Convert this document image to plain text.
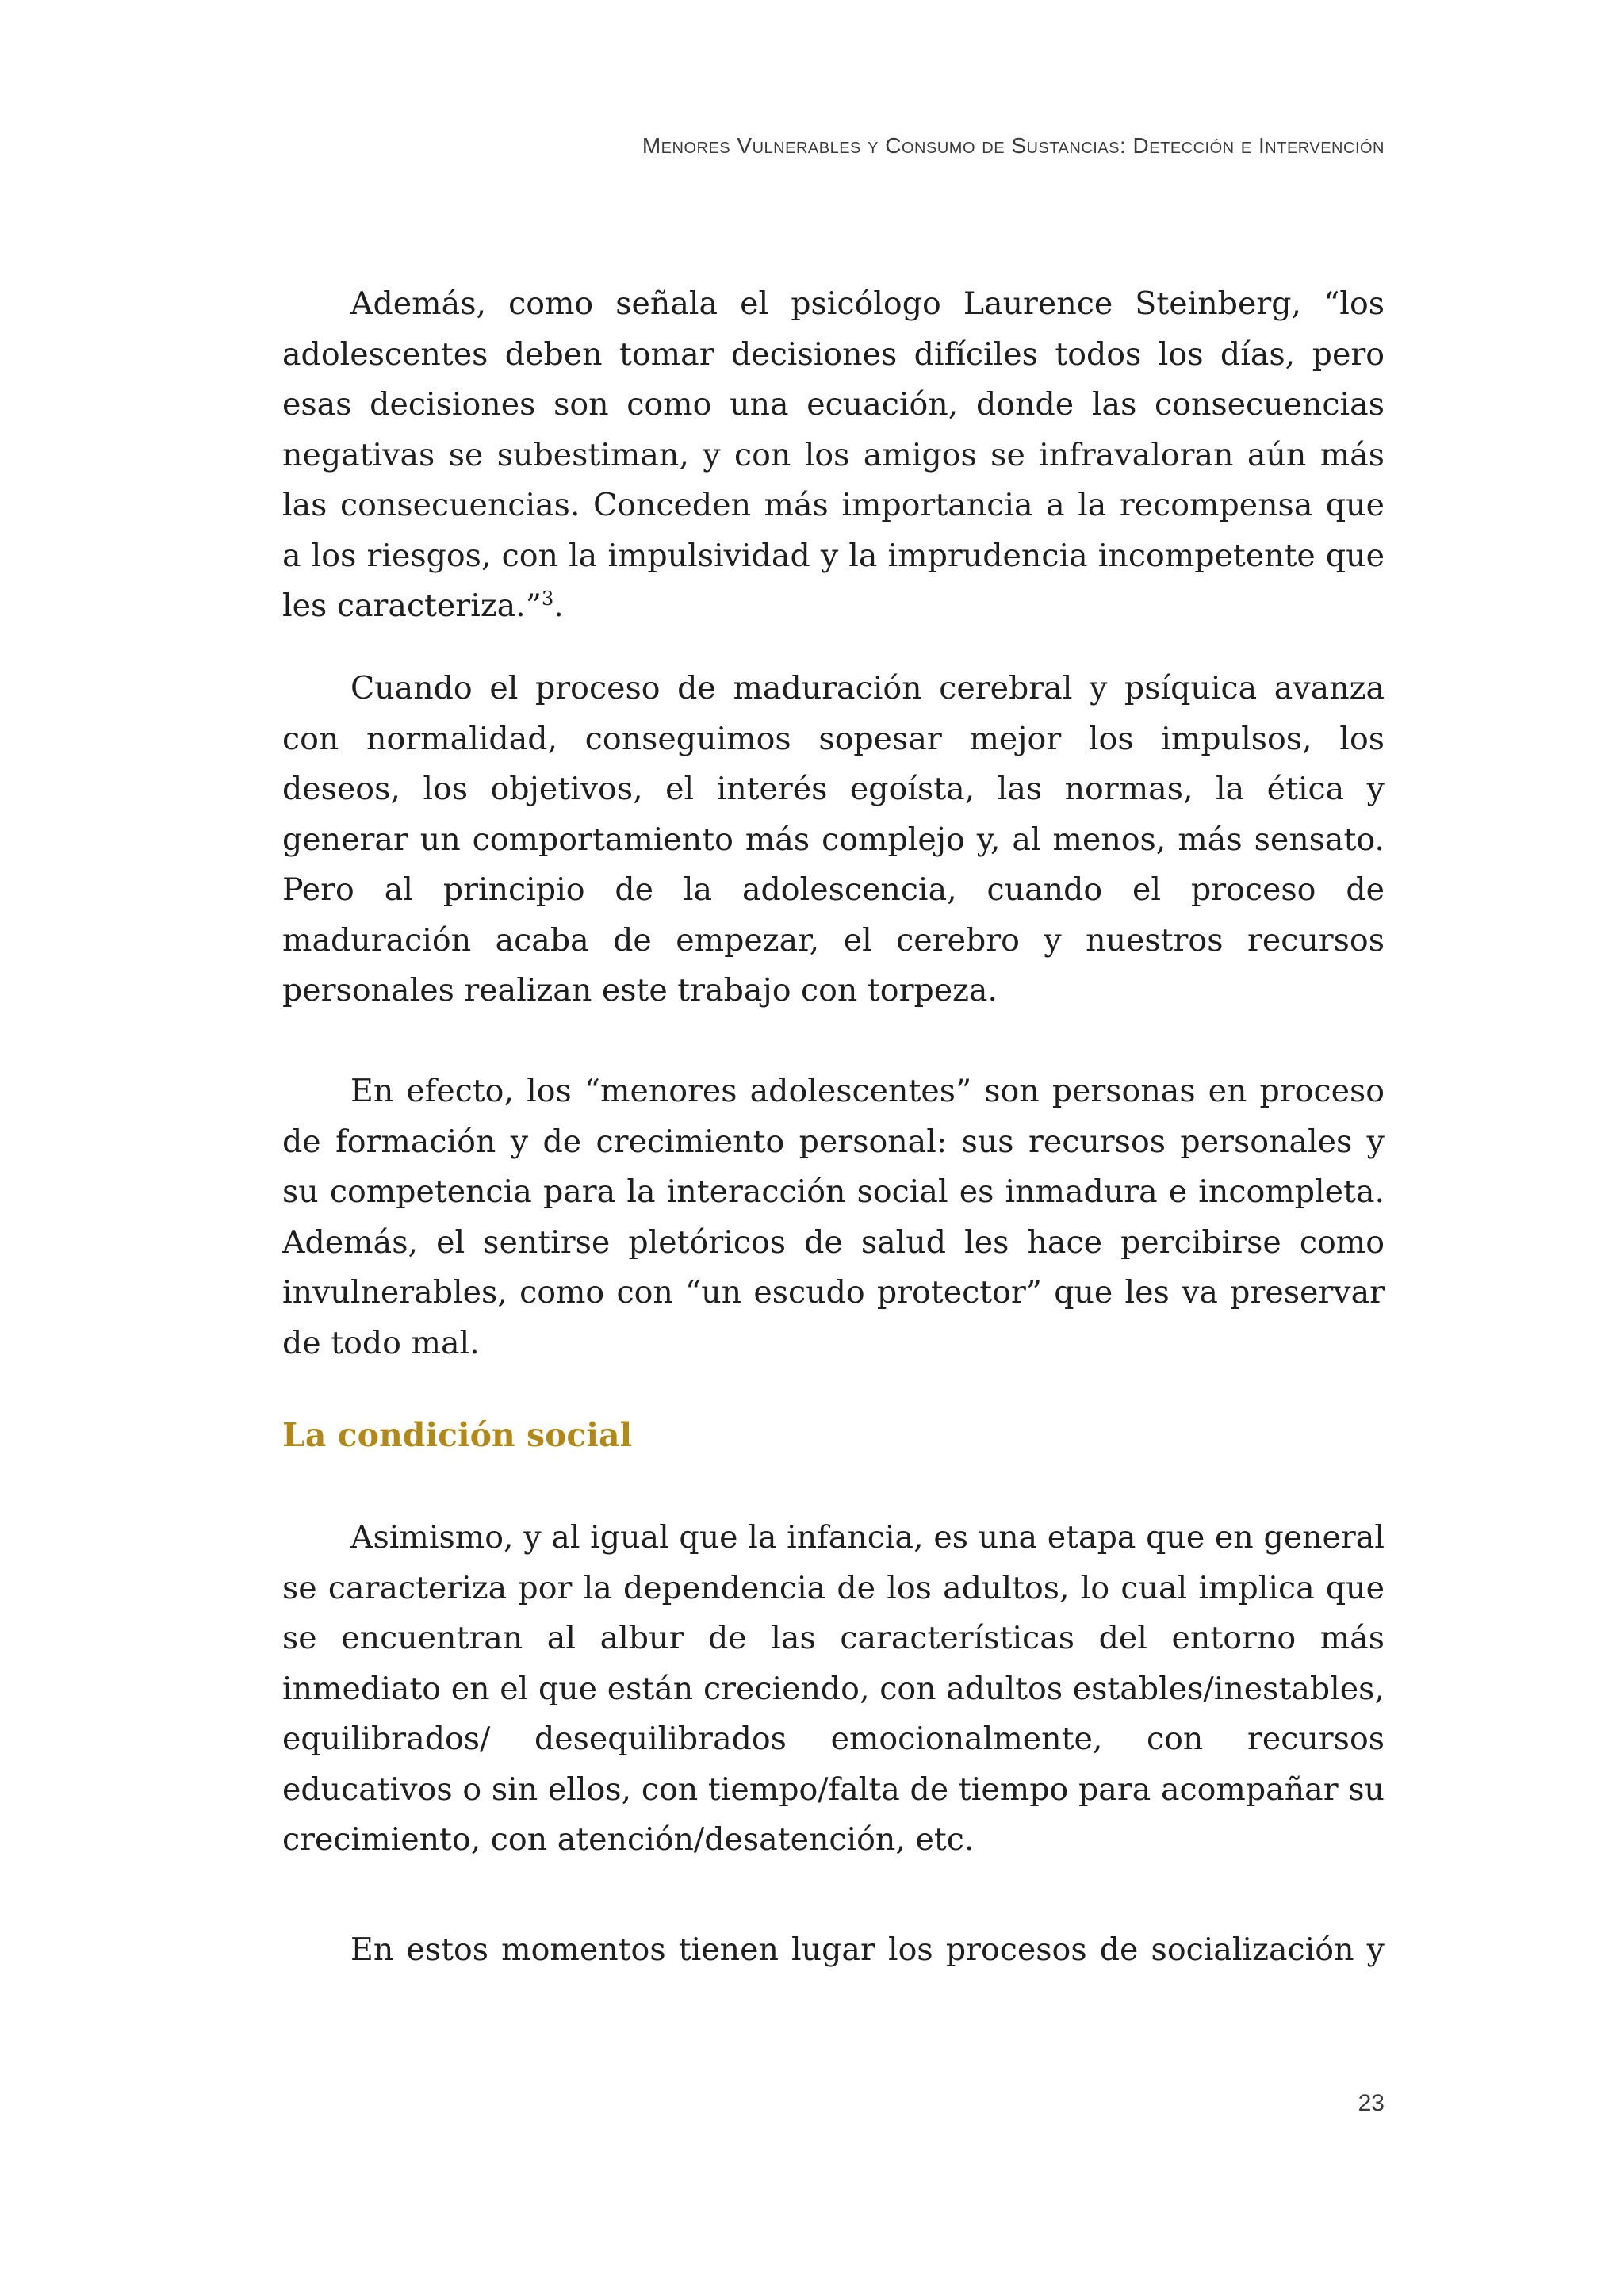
Menores Vulnerables y Consumo de Sustancias: Detección e Intervención

Además, como señala el psicólogo Laurence Steinberg, “los adolescentes deben tomar decisiones difíciles todos los días, pero esas decisiones son como una ecuación, donde las consecuencias negativas se subestiman, y con los amigos se infravaloran aún más las consecuencias. Conceden más importancia a la recompensa que a los riesgos, con la impulsividad y la imprudencia incompetente que les caracteriza.”$^3$.

Cuando el proceso de maduración cerebral y psíquica avanza con normalidad, conseguimos sopesar mejor los impulsos, los deseos, los objetivos, el interés egoísta, las normas, la ética y generar un comportamiento más complejo y, al menos, más sensato. Pero al principio de la adolescencia, cuando el proceso de maduración acaba de empezar, el cerebro y nuestros recursos personales realizan este trabajo con torpeza.

En efecto, los “menores adolescentes” son personas en proceso de formación y de crecimiento personal: sus recursos personales y su competencia para la interacción social es inmadura e incompleta. Además, el sentirse pletóricos de salud les hace percibirse como invulnerables, como con “un escudo protector” que les va preservar de todo mal.

La condición social

Asimismo, y al igual que la infancia, es una etapa que en general se caracteriza por la dependencia de los adultos, lo cual implica que se encuentran al albur de las características del entorno más inmediato en el que están creciendo, con adultos estables/inestables, equilibrados/ desequilibrados emocionalmente, con recursos educativos o sin ellos, con tiempo/falta de tiempo para acompañar su crecimiento, con atención/desatención, etc.

En estos momentos tienen lugar los procesos de socialización y

23
